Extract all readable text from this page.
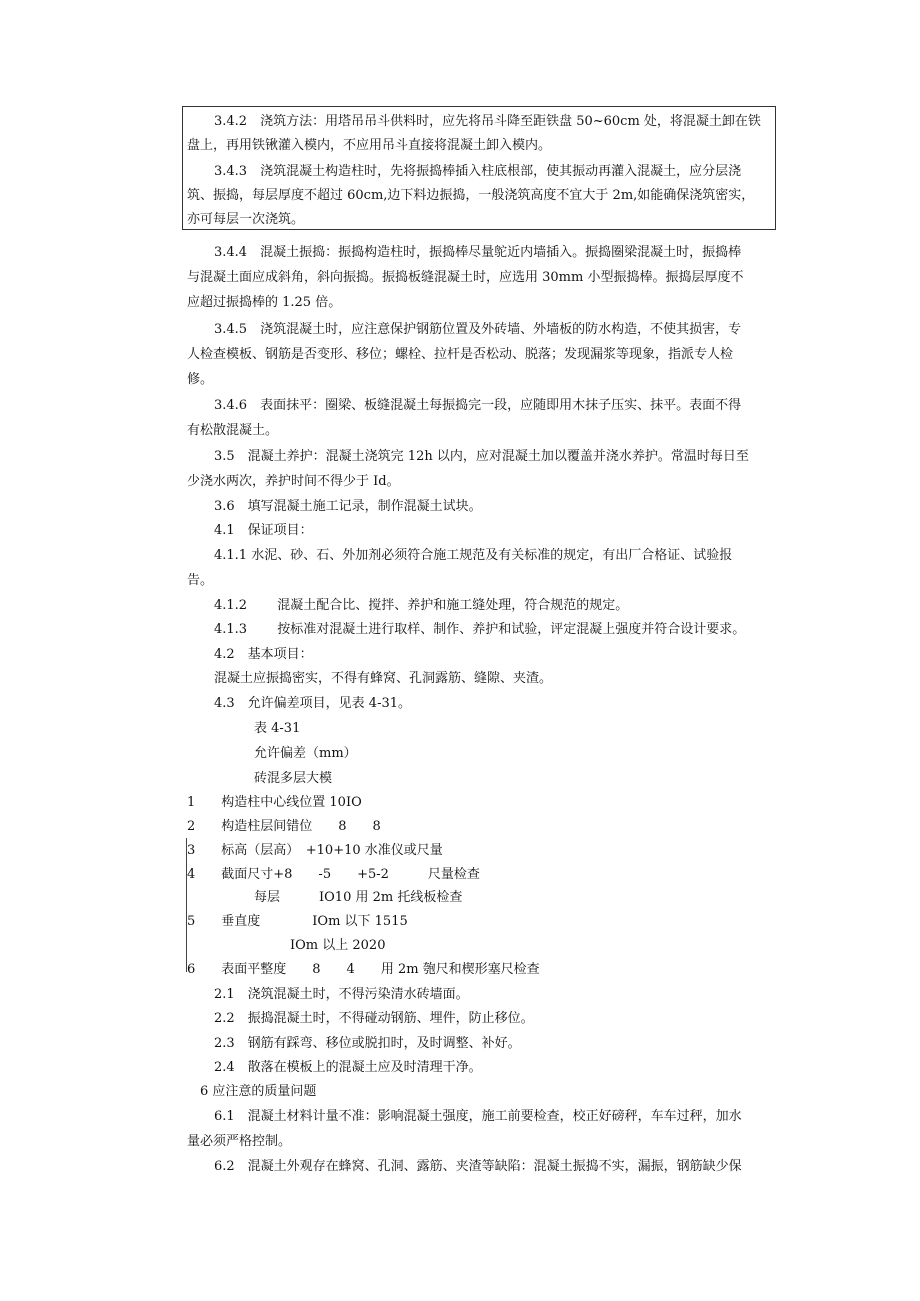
3.4.2　浇筑方法：用塔吊吊斗供料时，应先将吊斗降至距铁盘 50~60cm 处，将混凝土卸在铁
盘上，再用铁锹灌入模内，不应用吊斗直接将混凝土卸入模内。
3.4.3　浇筑混凝土构造柱时，先将振捣棒插入柱底根部，使其振动再灌入混凝土，应分层浇
筑、振捣，每层厚度不超过 60cm,边下料边振捣，一般浇筑高度不宜大于 2m,如能确保浇筑密实，
亦可每层一次浇筑。
3.4.4　混凝土振捣：振捣构造柱时，振捣棒尽量鸵近内墙插入。振捣圈梁混凝土时，振捣棒
与混凝土面应成斜角，斜向振捣。振捣板缝混凝土时，应选用 30mm 小型振捣棒。振捣层厚度不
应超过振捣棒的 1.25 倍。
3.4.5　浇筑混凝土时，应注意保护钢筋位置及外砖墙、外墙板的防水构造，不使其损害，专
人检查模板、钢筋是否变形、移位；螺栓、拉杆是否松动、脱落；发现漏浆等现象，指派专人检
修。
3.4.6　表面抹平：圈梁、板缝混凝土每振捣完一段，应随即用木抹子压实、抹平。表面不得
有松散混凝土。
3.5　混凝土养护：混凝土浇筑完 12h 以内，应对混凝土加以覆盖并浇水养护。常温时每日至
少浇水两次，养护时间不得少于 Id。
3.6　填写混凝土施工记录，制作混凝土试块。
4.1　保证项目：
4.1.1 水泥、砂、石、外加剂必须符合施工规范及有关标准的规定，有出厂合格证、试验报
告。
4.1.2　　 混凝土配合比、搅拌、养护和施工缝处理，符合规范的规定。
4.1.3　　 按标准对混凝土进行取样、制作、养护和试验，评定混凝上强度并符合设计要求。
4.2　基本项目：
混凝土应振捣密实，不得有蜂窝、孔洞露筋、缝隙、夹渣。
4.3　允许偏差项目，见表 4-31。
表 4-31
允许偏差（mm）
砖混多层大模
1　　构造柱中心线位置 10IO
2　　构造柱层间错位　　8　　8
3　　标高（层高）　+10+10 水准仪或尺量
4　　截面尺寸+8　　-5　　+5-2　　　尺量检查
每层　　　IO10 用 2m 托线板检查
5　　垂直度　　　　IOm 以下 1515
IOm 以上 2020
6　　表面平整度　　8　　4　　用 2m 匏尺和楔形塞尺检查
2.1　浇筑混凝土时，不得污染清水砖墙面。
2.2　振捣混凝土时，不得碰动钢筋、埋件，防止移位。
2.3　钢筋有踩弯、移位或脱扣时，及时调整、补好。
2.4　散落在模板上的混凝土应及时清理干净。
6 应注意的质量问题
6.1　混凝土材料计量不准：影响混凝土强度，施工前要检查，校正好磅秤，车车过秤，加水
量必须严格控制。
6.2　混凝土外观存在蜂窝、孔洞、露筋、夹渣等缺陷：混凝土振捣不实，漏振，钢筋缺少保
